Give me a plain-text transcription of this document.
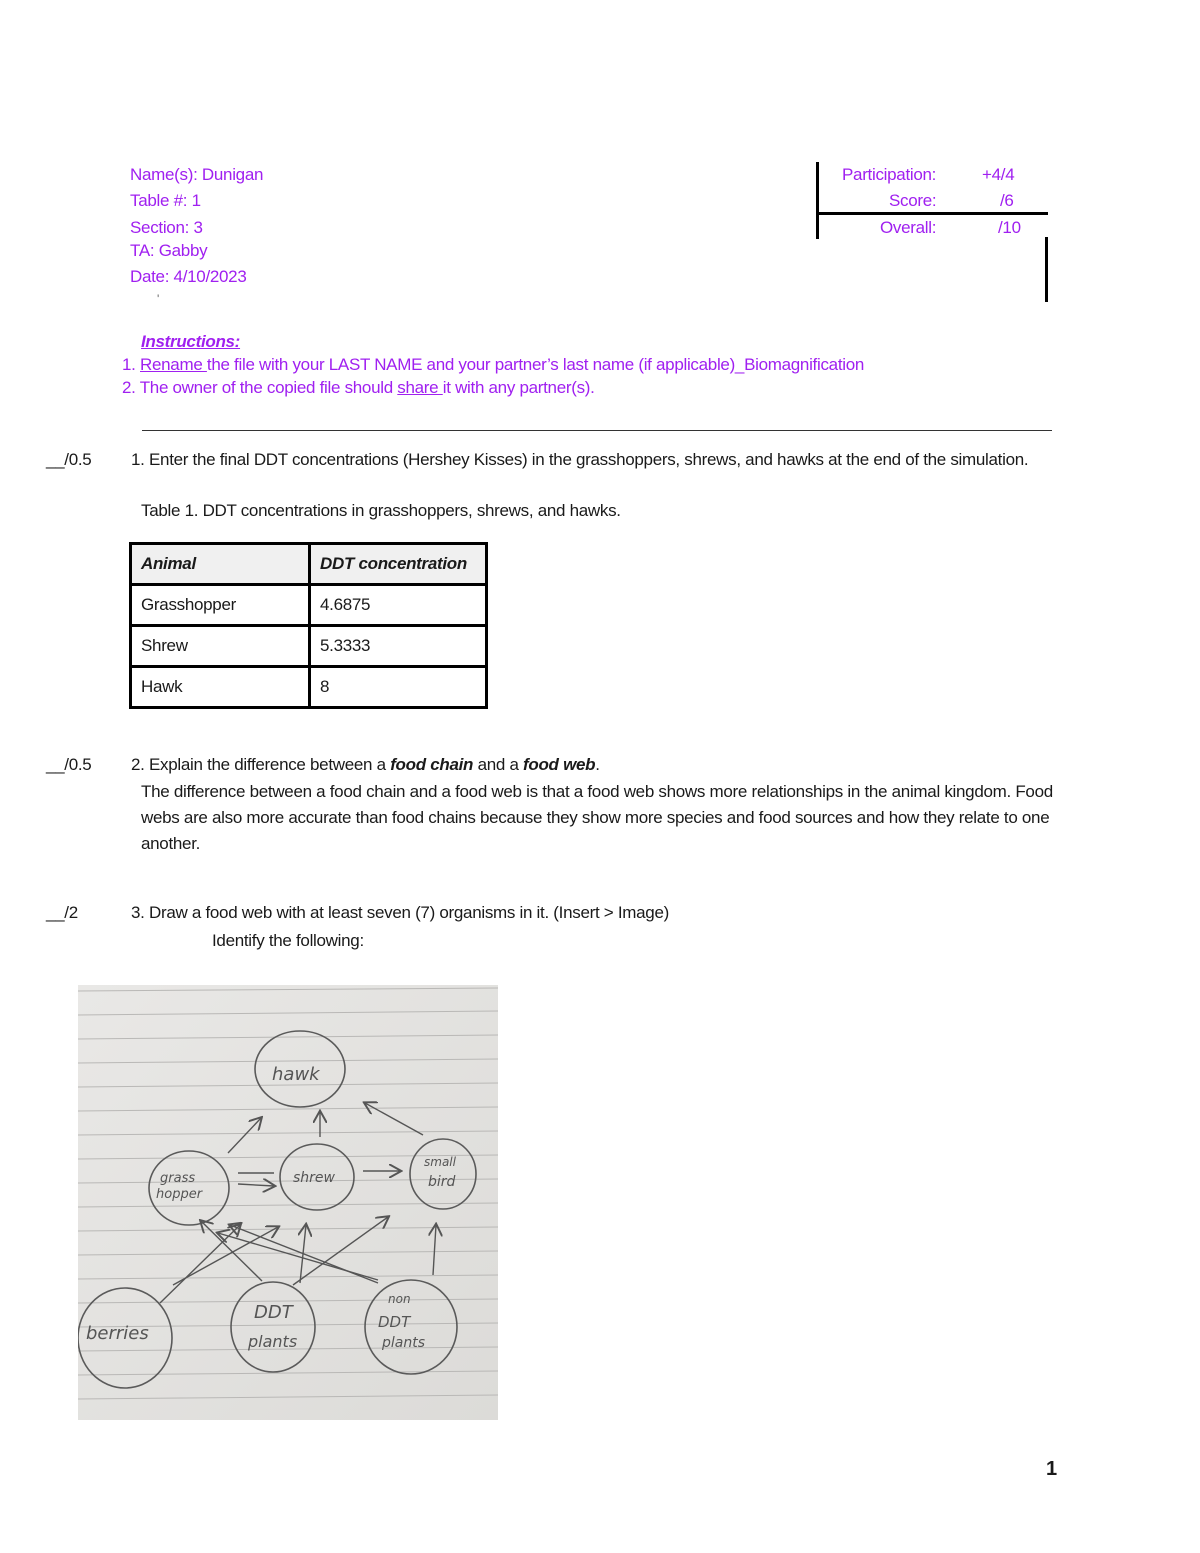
Name(s): Dunigan
Table #: 1
Section: 3
TA: Gabby
Date: 4/10/2023
'
Participation:	+4/4
Score:	/6
Overall:	/10
Instructions:
1. Rename the file with your LAST NAME and your partner’s last name (if applicable)_Biomagnification
2. The owner of the copied file should share it with any partner(s).
__/0.5 1. Enter the final DDT concentrations (Hershey Kisses) in the grasshoppers, shrews, and hawks at the end of the simulation.
Table 1. DDT concentrations in grasshoppers, shrews, and hawks.
Animal	DDT concentration
Grasshopper	4.6875
Shrew	5.3333
Hawk	8
__/0.5 2. Explain the difference between a food chain and a food web.
The difference between a food chain and a food web is that a food web shows more relationships in the animal kingdom. Food
webs are also more accurate than food chains because they show more species and food sources and how they relate to one
another.
__/2	3. Draw a food web with at least seven (7) organisms in it. (Insert > Image)
Identify the following:
hawk
grass
hopper
shrew
small
bird
berries
DDT
plants
non
DDT
plants
1
